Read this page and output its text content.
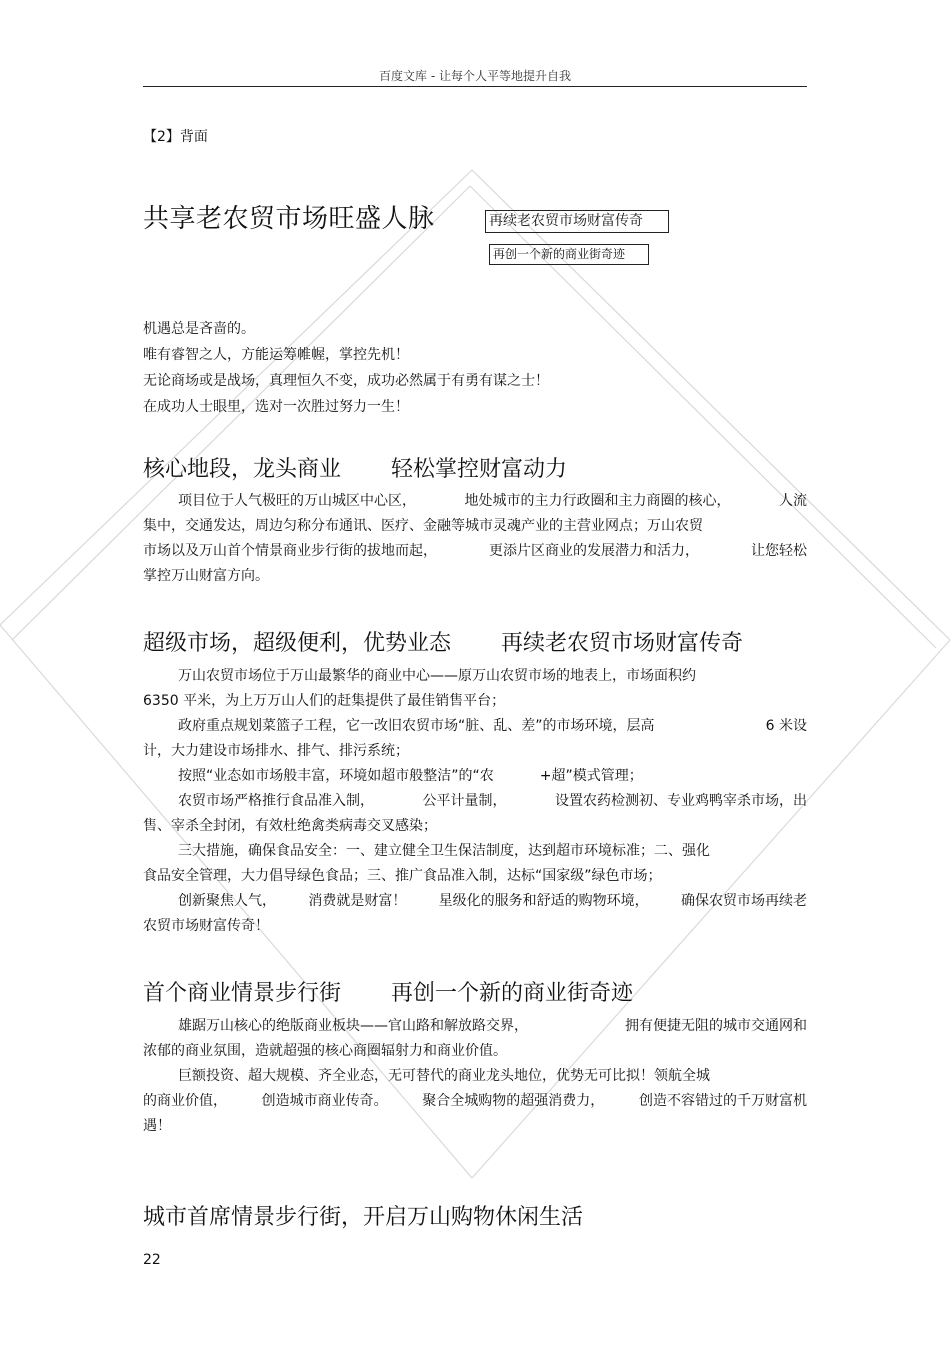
百度文库 - 让每个人平等地提升自我
【2】背面
共享老农贸市场旺盛人脉	再续老农贸市场财富传奇
再创一个新的商业街奇迹
机遇总是吝啬的。
唯有睿智之人，方能运筹帷幄，掌控先机！
无论商场或是战场，真理恒久不变，成功必然属于有勇有谋之士！
在成功人士眼里，选对一次胜过努力一生！
核心地段，龙头商业 轻松掌控财富动力
项目位于人气极旺的万山城区中心区，	地处城市的主力行政圈和主力商圈的核心，	人流
集中，交通发达，周边匀称分布通讯、医疗、金融等城市灵魂产业的主营业网点；万山农贸
市场以及万山首个情景商业步行街的拔地而起，	更添片区商业的发展潜力和活力，	让您轻松
掌控万山财富方向。
超级市场，超级便利，优势业态 再续老农贸市场财富传奇
万山农贸市场位于万山最繁华的商业中心——原万山农贸市场的地表上，市场面积约
6350 平米，为上万万山人们的赶集提供了最佳销售平台；
政府重点规划菜篮子工程，它一改旧农贸市场“脏、乱、差”的市场环境，层高	6 米设
计，大力建设市场排水、排气、排污系统；
按照“业态如市场般丰富，环境如超市般整洁”的“农	+超”模式管理；
农贸市场严格推行食品准入制，	公平计量制，	设置农药检测初、专业鸡鸭宰杀市场，出
售、宰杀全封闭，有效杜绝禽类病毒交叉感染；
三大措施，确保食品安全：一、建立健全卫生保洁制度，达到超市环境标准；二、强化
食品安全管理，大力倡导绿色食品；三、推广食品准入制，达标“国家级”绿色市场；
创新聚焦人气， 消费就是财富！ 星级化的服务和舒适的购物环境， 确保农贸市场再续老
农贸市场财富传奇！
首个商业情景步行街 再创一个新的商业街奇迹
雄踞万山核心的绝版商业板块——官山路和解放路交界，	拥有便捷无阻的城市交通网和
浓郁的商业氛围，造就超强的核心商圈辐射力和商业价值。
巨额投资、超大规模、齐全业态，无可替代的商业龙头地位，优势无可比拟！领航全城
的商业价值， 创造城市商业传奇。 聚合全城购物的超强消费力， 创造不容错过的千万财富机
遇！
城市首席情景步行街，开启万山购物休闲生活
22
